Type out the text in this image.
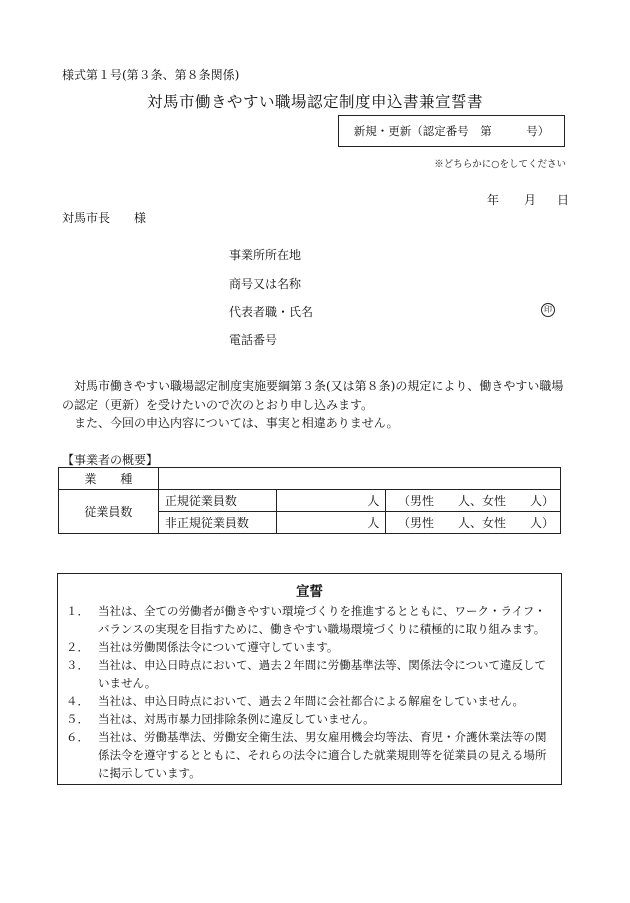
様式第１号(第３条、第８条関係)
対馬市働きやすい職場認定制度申込書兼宣誓書
新規・更新（認定番号　第　　　号）
※どちらかに○をしてください
年 月 日
対馬市長　　様
事業所所在地
商号又は名称
代表者職・氏名	印
電話番号

対馬市働きやすい職場認定制度実施要綱第３条(又は第８条)の規定により、働きやすい職場の認定（更新）を受けたいので次のとおり申し込みます。

また、今回の申込内容については、事実と相違ありません。

【事業者の概要】
業　　種			
従業員数	正規従業員数	人	（男性　　人、女性　　人）
	非正規従業員数	人	（男性　　人、女性　　人）
宣誓
１． 当社は、全ての労働者が働きやすい環境づくりを推進するとともに、ワーク・ライフ・バランスの実現を目指すために、働きやすい職場環境づくりに積極的に取り組みます。
２． 当社は労働関係法令について遵守しています。
３． 当社は、申込日時点において、過去２年間に労働基準法等、関係法令について違反していません。
４． 当社は、申込日時点において、過去２年間に会社都合による解雇をしていません。
５． 当社は、対馬市暴力団排除条例に違反していません。
６． 当社は、労働基準法、労働安全衛生法、男女雇用機会均等法、育児・介護休業法等の関係法令を遵守するとともに、それらの法令に適合した就業規則等を従業員の見える場所に掲示しています。
